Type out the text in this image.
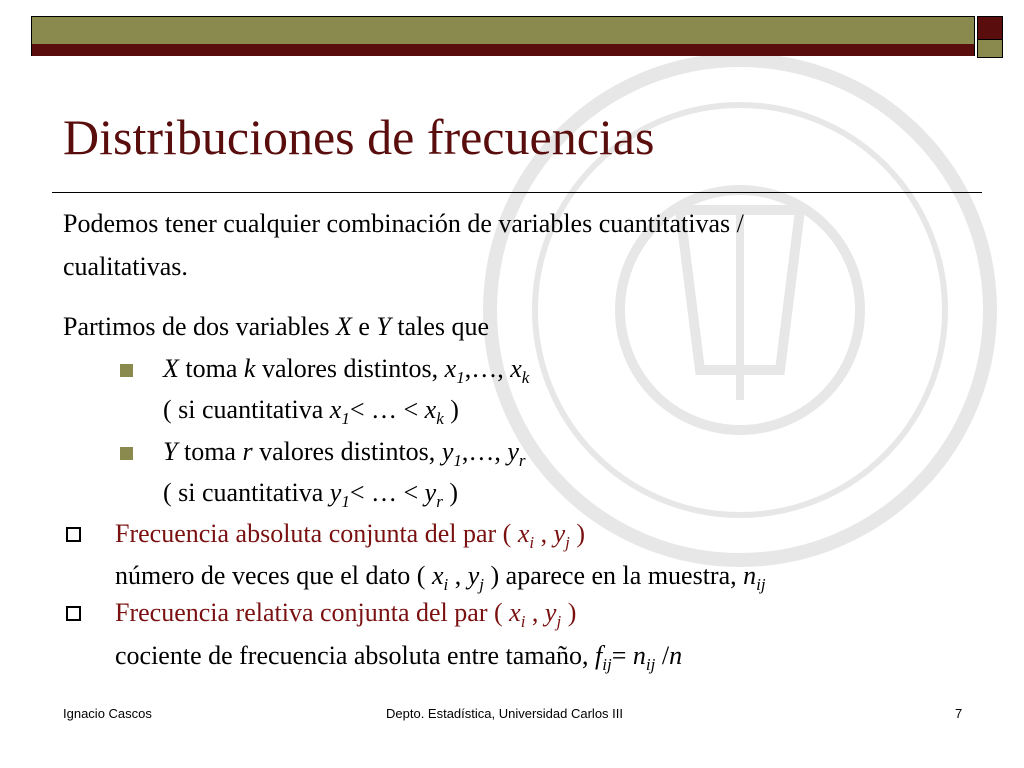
Distribuciones de frecuencias
Podemos tener cualquier combinación de variables cuantitativas /
cualitativas.
Partimos de dos variables X e Y tales que
X toma k valores distintos, $x_1,\dots$, $x_k$
( si cuantitativa $x_1<$ … < $x_k$ )
Y toma r valores distintos, $y_1,\dots$, $y_r$
( si cuantitativa $y_1<$ … < $y_r$ )
Frecuencia absoluta conjunta del par ( $x_i$ , $y_j$ )
número de veces que el dato ( $x_i$ , $y_j$ ) aparece en la muestra, $n_{ij}$
Frecuencia relativa conjunta del par ( $x_i$ , $y_j$ )
cociente de frecuencia absoluta entre tamaño, $f_{ij}= n_{ij}$ /n
Ignacio Cascos	Depto. Estadística, Universidad Carlos III	7
